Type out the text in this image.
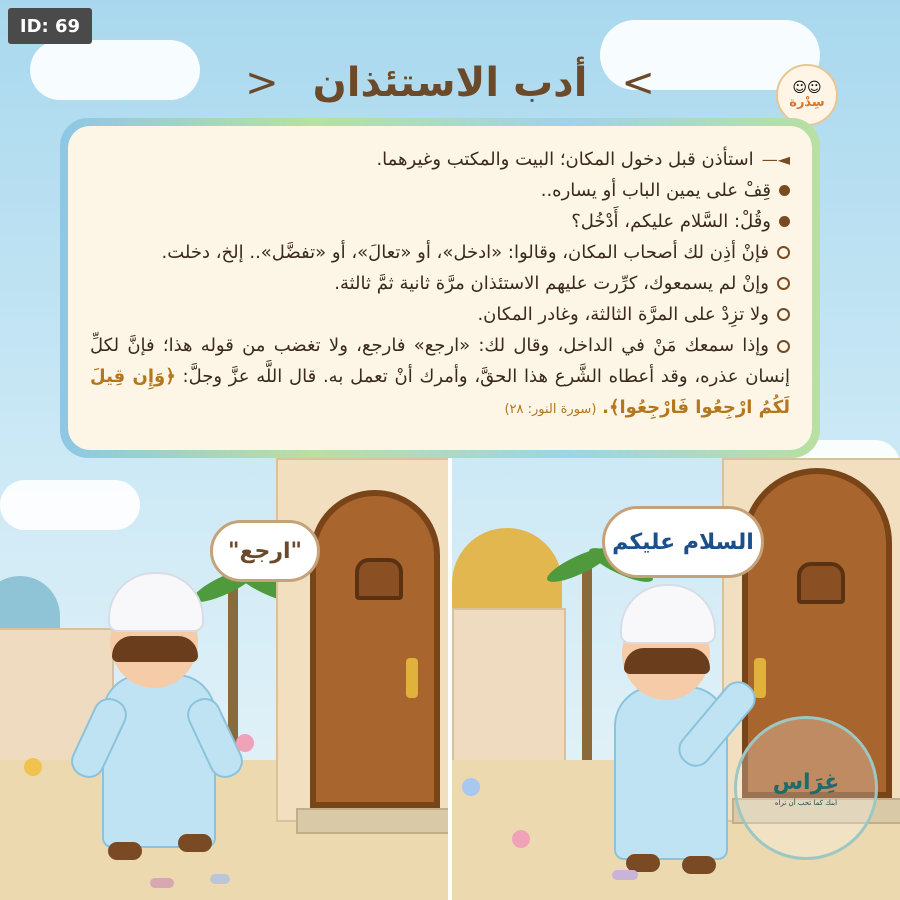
ID: 69
> أدب الاستئذان <	☺☺
سِدْرة
◄—
استأذن قبل دخول المكان؛ البيت والمكتب وغيرهما.
قِفْ على يمين الباب أو يساره..
وقُلْ: السَّلام عليكم، أَدْخُل؟
فإنْ أذِن لك أصحاب المكان، وقالوا: «ادخل»، أو «تعالَ»، أو «تفضَّل».. إلخ، دخلت.
وإنْ لم يسمعوك، كرِّرت عليهم الاستئذان مرَّة ثانية ثمَّ ثالثة.
ولا تزِدْ على المرَّة الثالثة، وغادر المكان.
وإذا سمعك مَنْ في الداخل، وقال لك: «ارجع» فارجع، ولا تغضب من قوله هذا؛ فإنَّ لكلِّ إنسان عذره، وقد أعطاه الشَّرع هذا الحقَّ، وأمرك أنْ تعمل به. قال اللَّه عزَّ وجلَّ: ﴿وَإِن قِيلَ لَكُمُ ارْجِعُوا فَارْجِعُوا﴾. (سورة النور: ٢٨)
"ارجع"	السلام عليكم
غِرَاس
ابنك كما تحب أن تراه
